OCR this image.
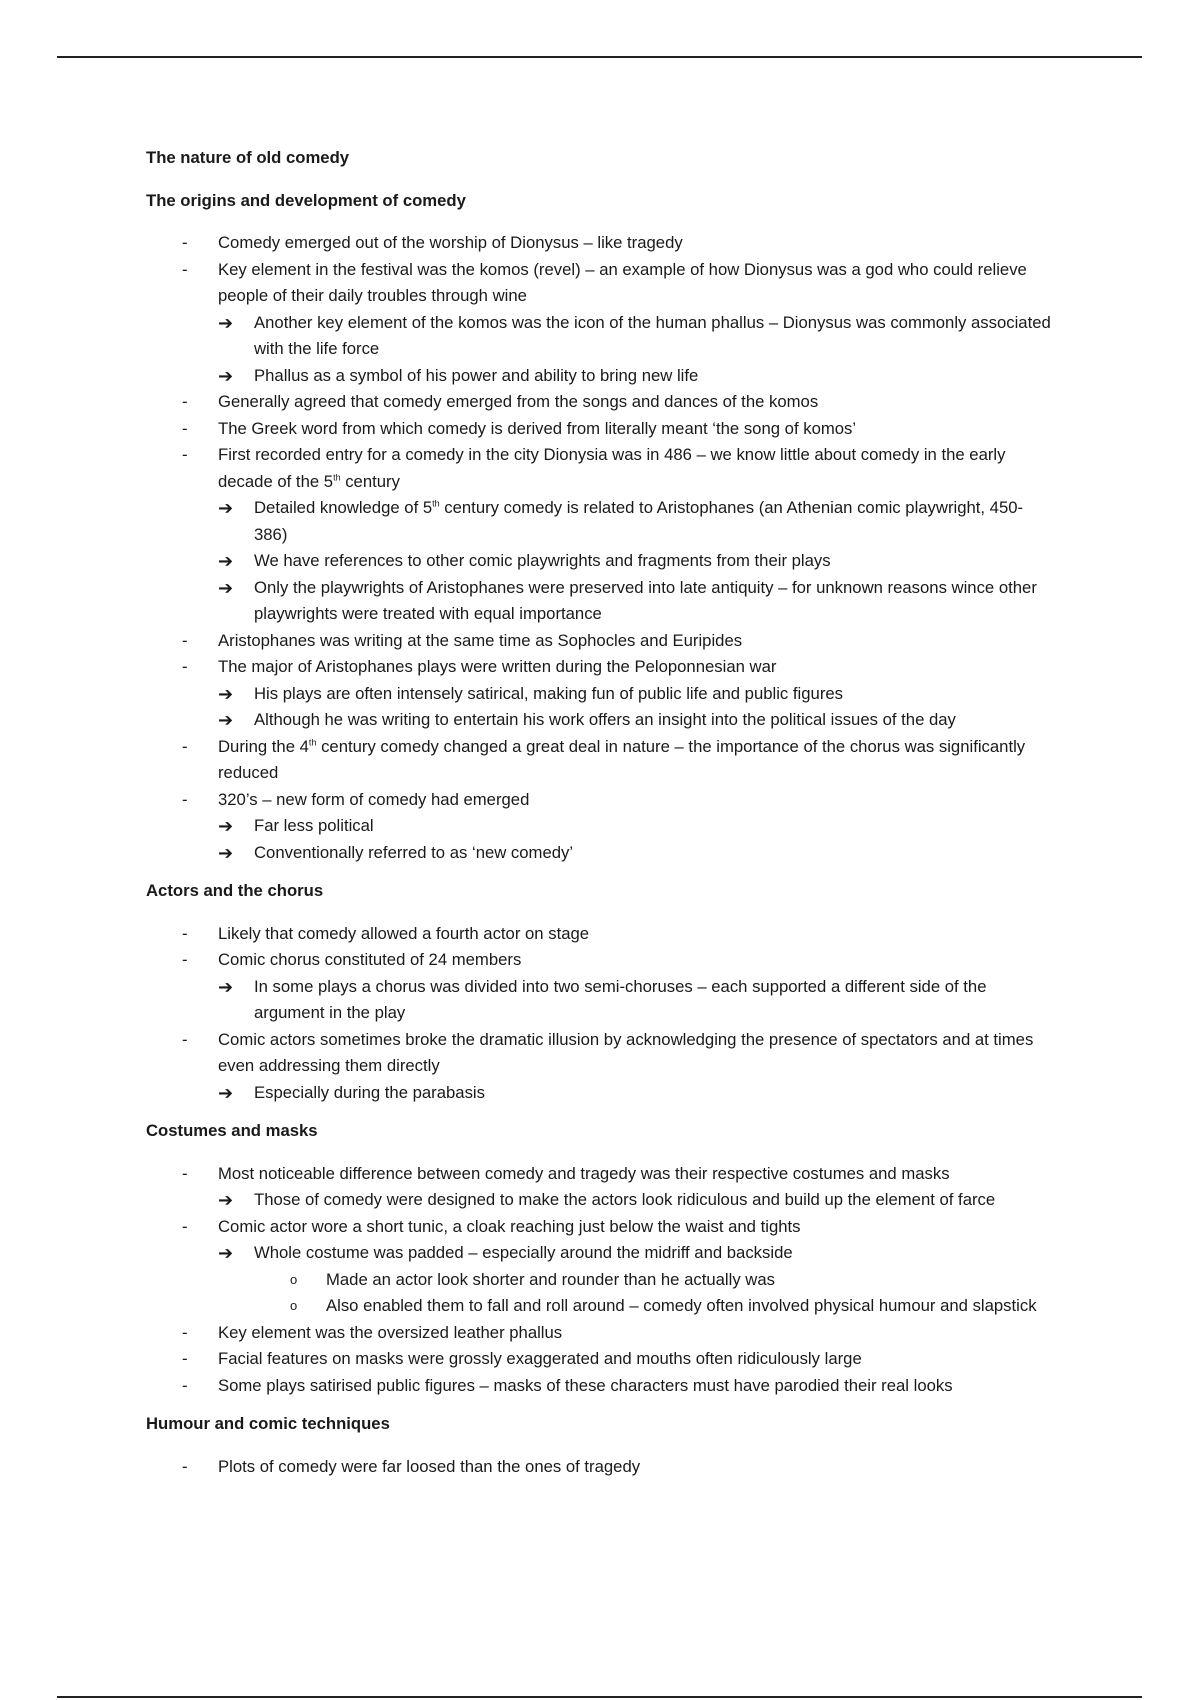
The nature of old comedy

The origins and development of comedy

- Comedy emerged out of the worship of Dionysus – like tragedy
- Key element in the festival was the komos (revel) – an example of how Dionysus was a god who could relieve people of their daily troubles through wine
➔ Another key element of the komos was the icon of the human phallus – Dionysus was commonly associated with the life force
➔ Phallus as a symbol of his power and ability to bring new life
- Generally agreed that comedy emerged from the songs and dances of the komos
- The Greek word from which comedy is derived from literally meant ‘the song of komos’
- First recorded entry for a comedy in the city Dionysia was in 486 – we know little about comedy in the early decade of the 5th century
➔ Detailed knowledge of 5th century comedy is related to Aristophanes (an Athenian comic playwright, 450-386)
➔ We have references to other comic playwrights and fragments from their plays
➔ Only the playwrights of Aristophanes were preserved into late antiquity – for unknown reasons wince other playwrights were treated with equal importance
- Aristophanes was writing at the same time as Sophocles and Euripides
- The major of Aristophanes plays were written during the Peloponnesian war
➔ His plays are often intensely satirical, making fun of public life and public figures
➔ Although he was writing to entertain his work offers an insight into the political issues of the day
- During the 4th century comedy changed a great deal in nature – the importance of the chorus was significantly reduced
- 320’s – new form of comedy had emerged
➔ Far less political
➔ Conventionally referred to as ‘new comedy’

Actors and the chorus

- Likely that comedy allowed a fourth actor on stage
- Comic chorus constituted of 24 members
➔ In some plays a chorus was divided into two semi-choruses – each supported a different side of the argument in the play
- Comic actors sometimes broke the dramatic illusion by acknowledging the presence of spectators and at times even addressing them directly
➔ Especially during the parabasis

Costumes and masks

- Most noticeable difference between comedy and tragedy was their respective costumes and masks
➔ Those of comedy were designed to make the actors look ridiculous and build up the element of farce
- Comic actor wore a short tunic, a cloak reaching just below the waist and tights
➔ Whole costume was padded – especially around the midriff and backside
o Made an actor look shorter and rounder than he actually was
o Also enabled them to fall and roll around – comedy often involved physical humour and slapstick
- Key element was the oversized leather phallus
- Facial features on masks were grossly exaggerated and mouths often ridiculously large
- Some plays satirised public figures – masks of these characters must have parodied their real looks

Humour and comic techniques

- Plots of comedy were far loosed than the ones of tragedy
